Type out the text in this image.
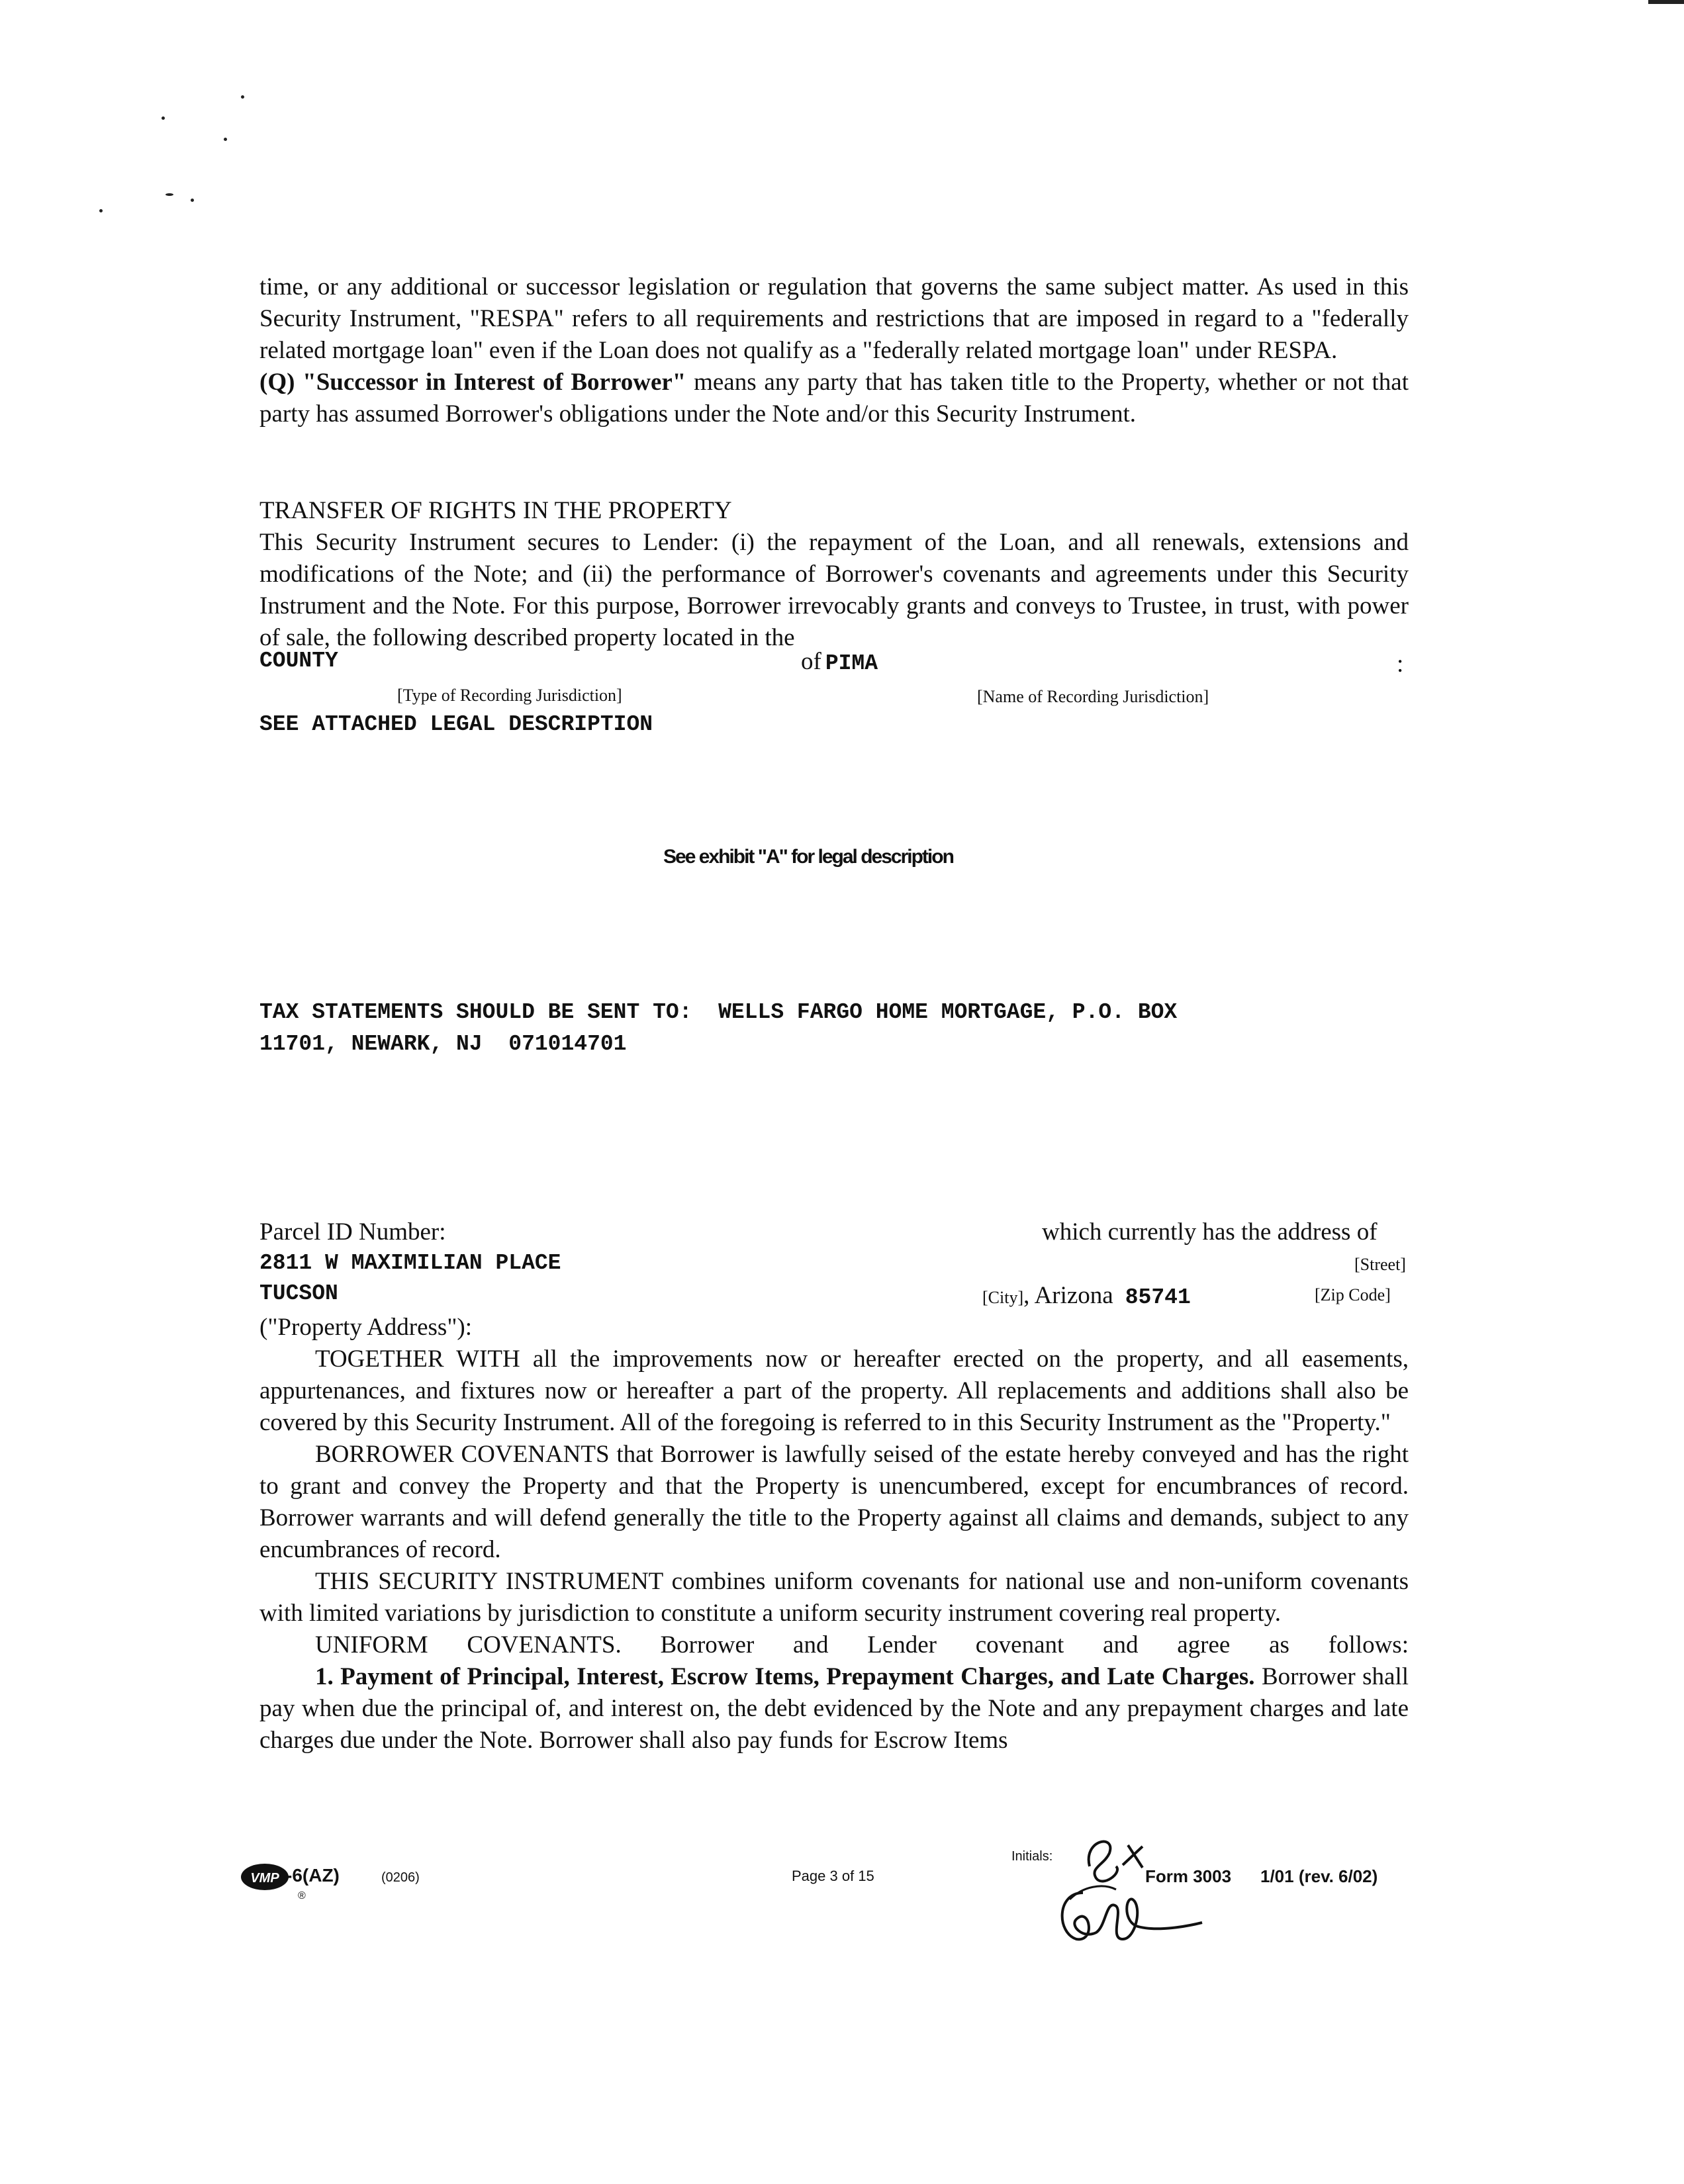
time, or any additional or successor legislation or regulation that governs the same subject matter. As used in this Security Instrument, "RESPA" refers to all requirements and restrictions that are imposed in regard to a "federally related mortgage loan" even if the Loan does not qualify as a "federally related mortgage loan" under RESPA.

(Q) "Successor in Interest of Borrower" means any party that has taken title to the Property, whether or not that party has assumed Borrower's obligations under the Note and/or this Security Instrument.

TRANSFER OF RIGHTS IN THE PROPERTY

This Security Instrument secures to Lender: (i) the repayment of the Loan, and all renewals, extensions and modifications of the Note; and (ii) the performance of Borrower's covenants and agreements under this Security Instrument and the Note. For this purpose, Borrower irrevocably grants and conveys to Trustee, in trust, with power of sale, the following described property located in the

COUNTY	of PIMA	:
[Type of Recording Jurisdiction]	[Name of Recording Jurisdiction]
SEE ATTACHED LEGAL DESCRIPTION
See exhibit "A" for legal description
TAX STATEMENTS SHOULD BE SENT TO:  WELLS FARGO HOME MORTGAGE, P.O. BOX
11701, NEWARK, NJ  071014701
Parcel ID Number:	which currently has the address of
2811 W MAXIMILIAN PLACE	[Street]
TUCSON	[City], Arizona 85741	[Zip Code]
("Property Address"):

TOGETHER WITH all the improvements now or hereafter erected on the property, and all easements, appurtenances, and fixtures now or hereafter a part of the property. All replacements and additions shall also be covered by this Security Instrument. All of the foregoing is referred to in this Security Instrument as the "Property."

BORROWER COVENANTS that Borrower is lawfully seised of the estate hereby conveyed and has the right to grant and convey the Property and that the Property is unencumbered, except for encumbrances of record. Borrower warrants and will defend generally the title to the Property against all claims and demands, subject to any encumbrances of record.

THIS SECURITY INSTRUMENT combines uniform covenants for national use and non-uniform covenants with limited variations by jurisdiction to constitute a uniform security instrument covering real property.

UNIFORM COVENANTS. Borrower and Lender covenant and agree as follows:

1. Payment of Principal, Interest, Escrow Items, Prepayment Charges, and Late Charges. Borrower shall pay when due the principal of, and interest on, the debt evidenced by the Note and any prepayment charges and late charges due under the Note. Borrower shall also pay funds for Escrow Items

VMP -6(AZ)	(0206)
®
Page 3 of 15
Initials:
Form 3003 1/01 (rev. 6/02)
